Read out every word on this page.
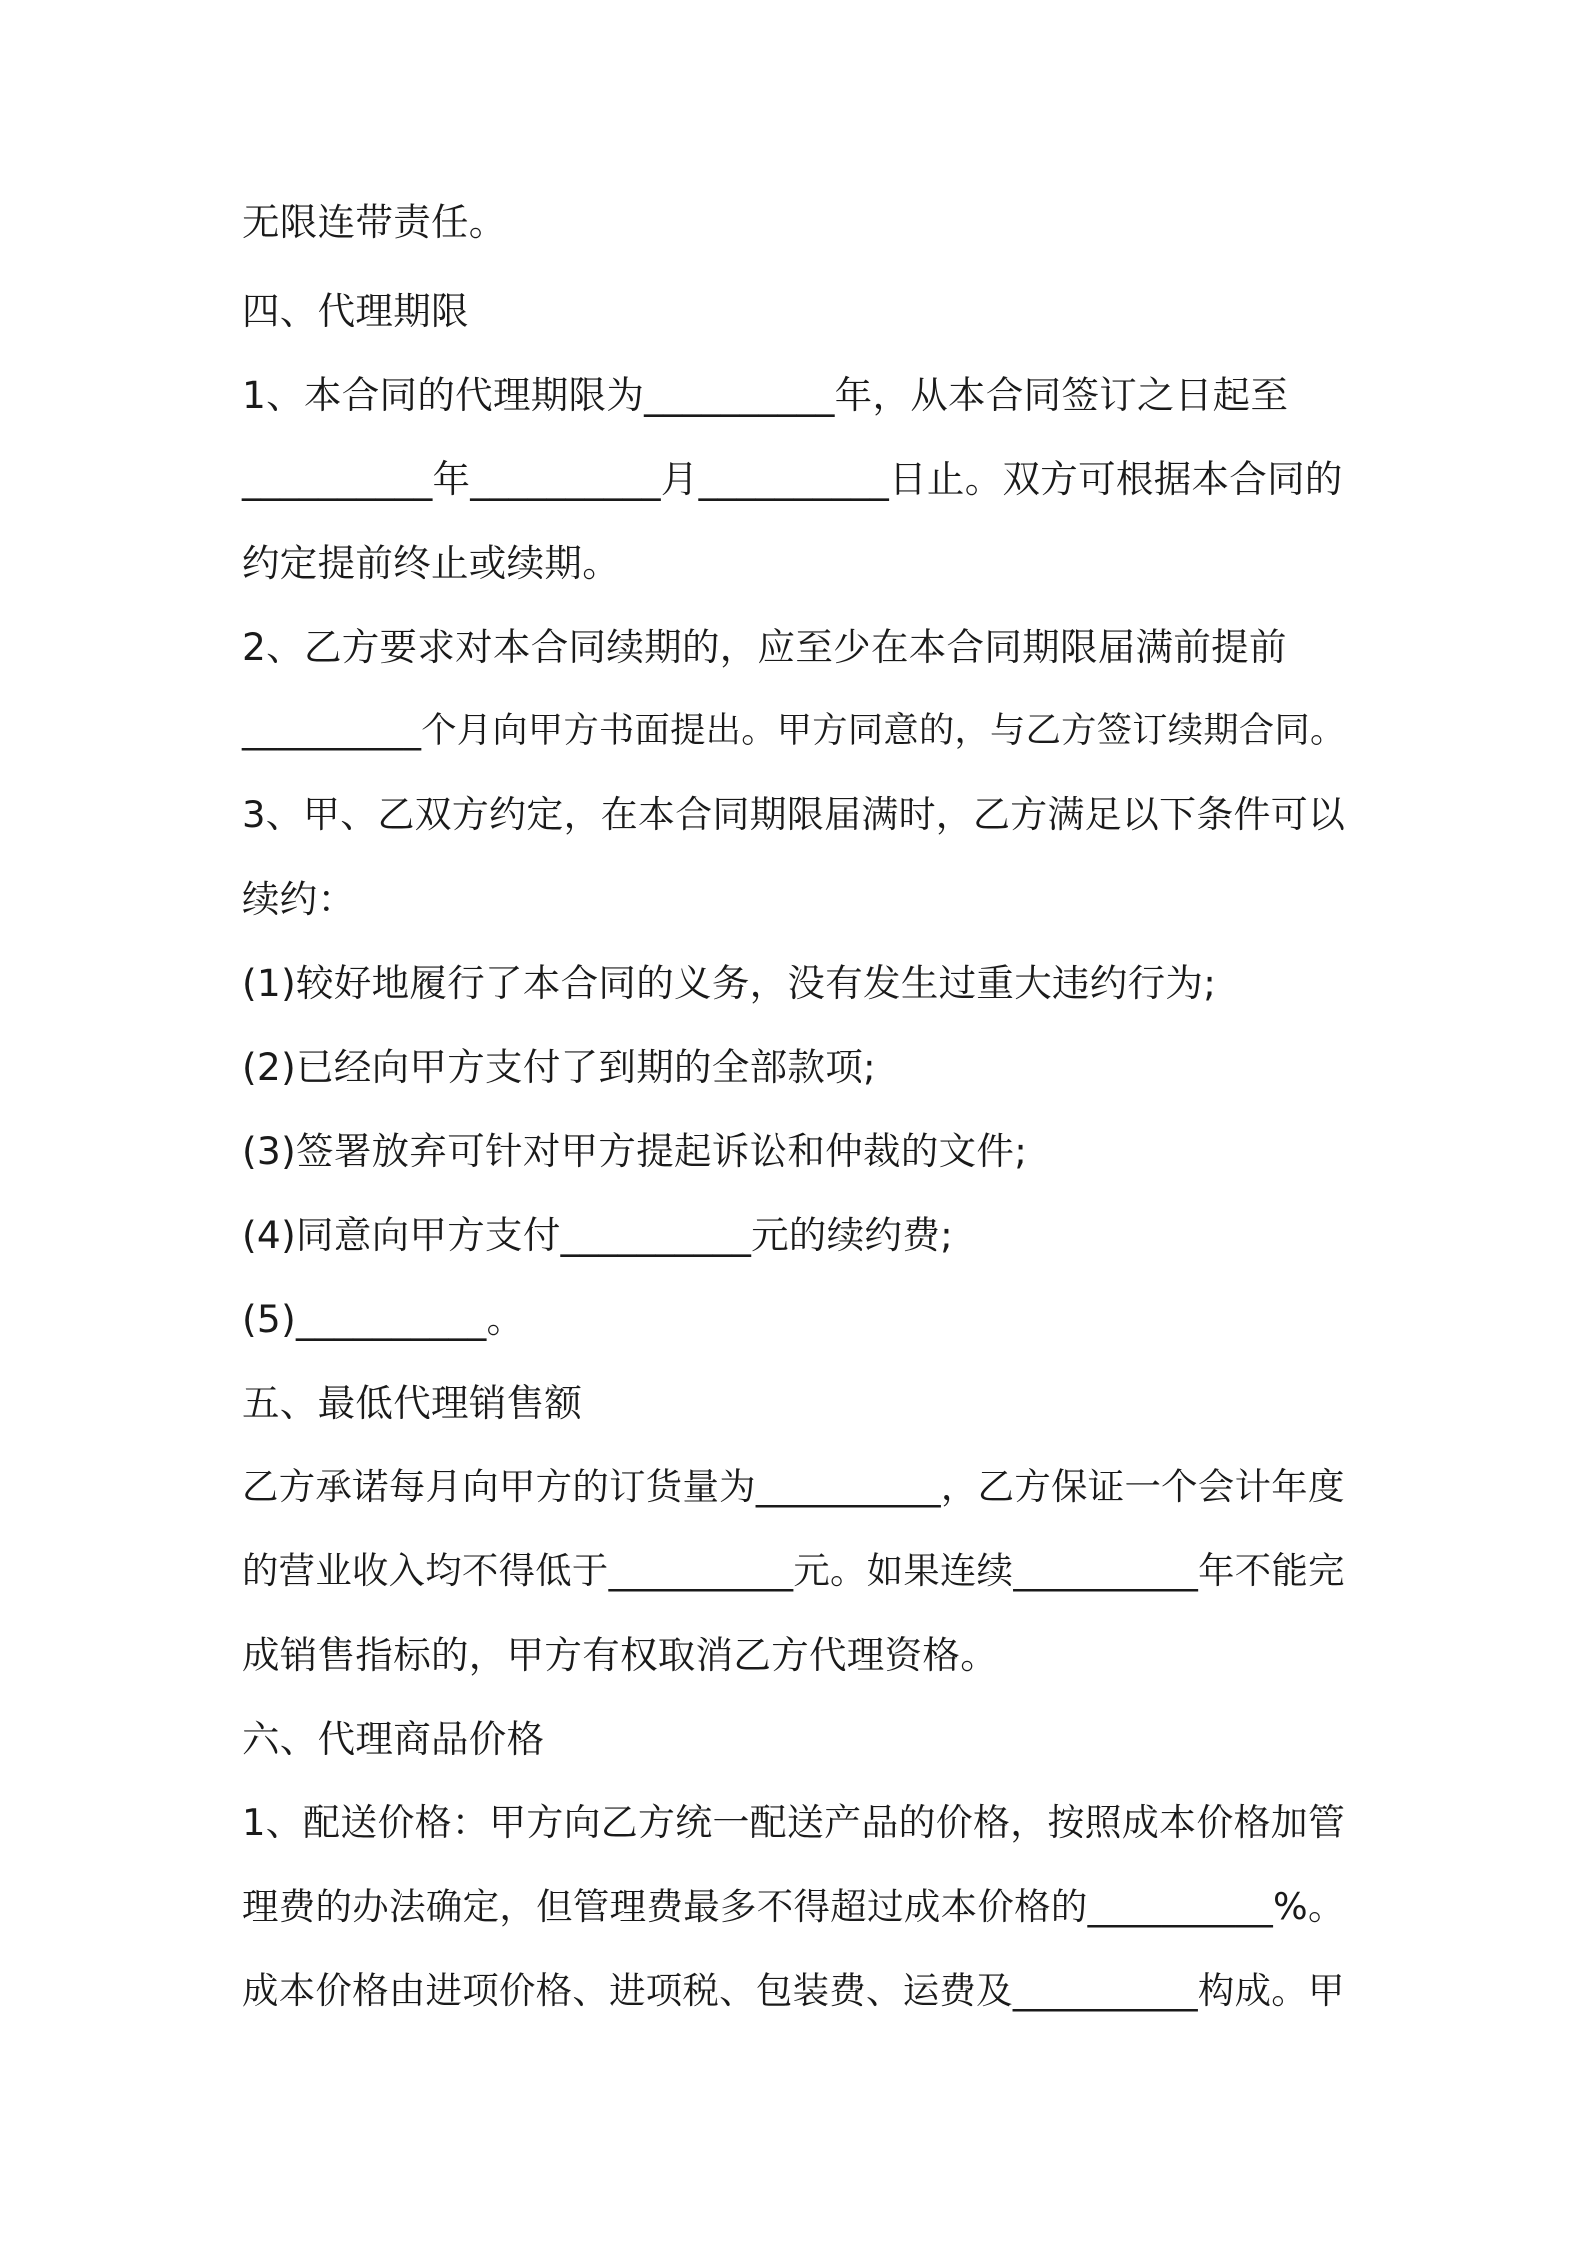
无限连带责任。
四、代理期限
1、本合同的代理期限为__________年，从本合同签订之日起至
__________年__________月__________日止。双方可根据本合同的
约定提前终止或续期。
2、乙方要求对本合同续期的，应至少在本合同期限届满前提前
__________个月向甲方书面提出。甲方同意的，与乙方签订续期合同。
3、甲、乙双方约定，在本合同期限届满时，乙方满足以下条件可以
续约：
(1)较好地履行了本合同的义务，没有发生过重大违约行为;
(2)已经向甲方支付了到期的全部款项;
(3)签署放弃可针对甲方提起诉讼和仲裁的文件;
(4)同意向甲方支付__________元的续约费;
(5)__________。
五、最低代理销售额
乙方承诺每月向甲方的订货量为__________，乙方保证一个会计年度
的营业收入均不得低于__________元。如果连续__________年不能完
成销售指标的，甲方有权取消乙方代理资格。
六、代理商品价格
1、配送价格：甲方向乙方统一配送产品的价格，按照成本价格加管
理费的办法确定，但管理费最多不得超过成本价格的__________%。
成本价格由进项价格、进项税、包装费、运费及__________构成。甲
